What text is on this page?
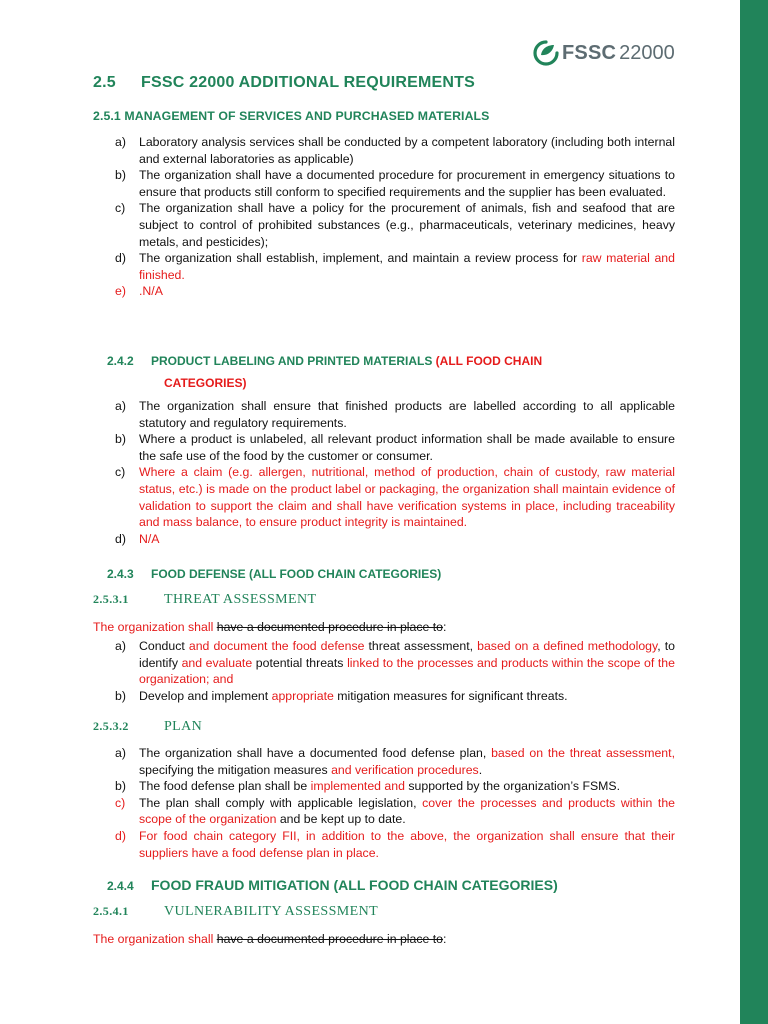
FSSC 22000
2.5 FSSC 22000 ADDITIONAL REQUIREMENTS
2.5.1 MANAGEMENT OF SERVICES AND PURCHASED MATERIALS
a) Laboratory analysis services shall be conducted by a competent laboratory (including both internal and external laboratories as applicable)
b) The organization shall have a documented procedure for procurement in emergency situations to ensure that products still conform to specified requirements and the supplier has been evaluated.
c) The organization shall have a policy for the procurement of animals, fish and seafood that are subject to control of prohibited substances (e.g., pharmaceuticals, veterinary medicines, heavy metals, and pesticides);
d) The organization shall establish, implement, and maintain a review process for raw material and finished.
e) .N/A
2.4.2 PRODUCT LABELING AND PRINTED MATERIALS (ALL FOOD CHAIN
CATEGORIES)
a) The organization shall ensure that finished products are labelled according to all applicable statutory and regulatory requirements.
b) Where a product is unlabeled, all relevant product information shall be made available to ensure the safe use of the food by the customer or consumer.
c) Where a claim (e.g. allergen, nutritional, method of production, chain of custody, raw material status, etc.) is made on the product label or packaging, the organization shall maintain evidence of validation to support the claim and shall have verification systems in place, including traceability and mass balance, to ensure product integrity is maintained.
d) N/A
2.4.3 FOOD DEFENSE (ALL FOOD CHAIN CATEGORIES)
2.5.3.1	THREAT ASSESSMENT
The organization shall have a documented procedure in place to:
a) Conduct and document the food defense threat assessment, based on a defined methodology, to identify and evaluate potential threats linked to the processes and products within the scope of the organization; and
b) Develop and implement appropriate mitigation measures for significant threats.
2.5.3.2	PLAN
a) The organization shall have a documented food defense plan, based on the threat assessment, specifying the mitigation measures and verification procedures.
b) The food defense plan shall be implemented and supported by the organization’s FSMS.
c) The plan shall comply with applicable legislation, cover the processes and products within the scope of the organization and be kept up to date.
d) For food chain category FII, in addition to the above, the organization shall ensure that their suppliers have a food defense plan in place.
2.4.4 FOOD FRAUD MITIGATION (ALL FOOD CHAIN CATEGORIES)
2.5.4.1	VULNERABILITY ASSESSMENT
The organization shall have a documented procedure in place to:
